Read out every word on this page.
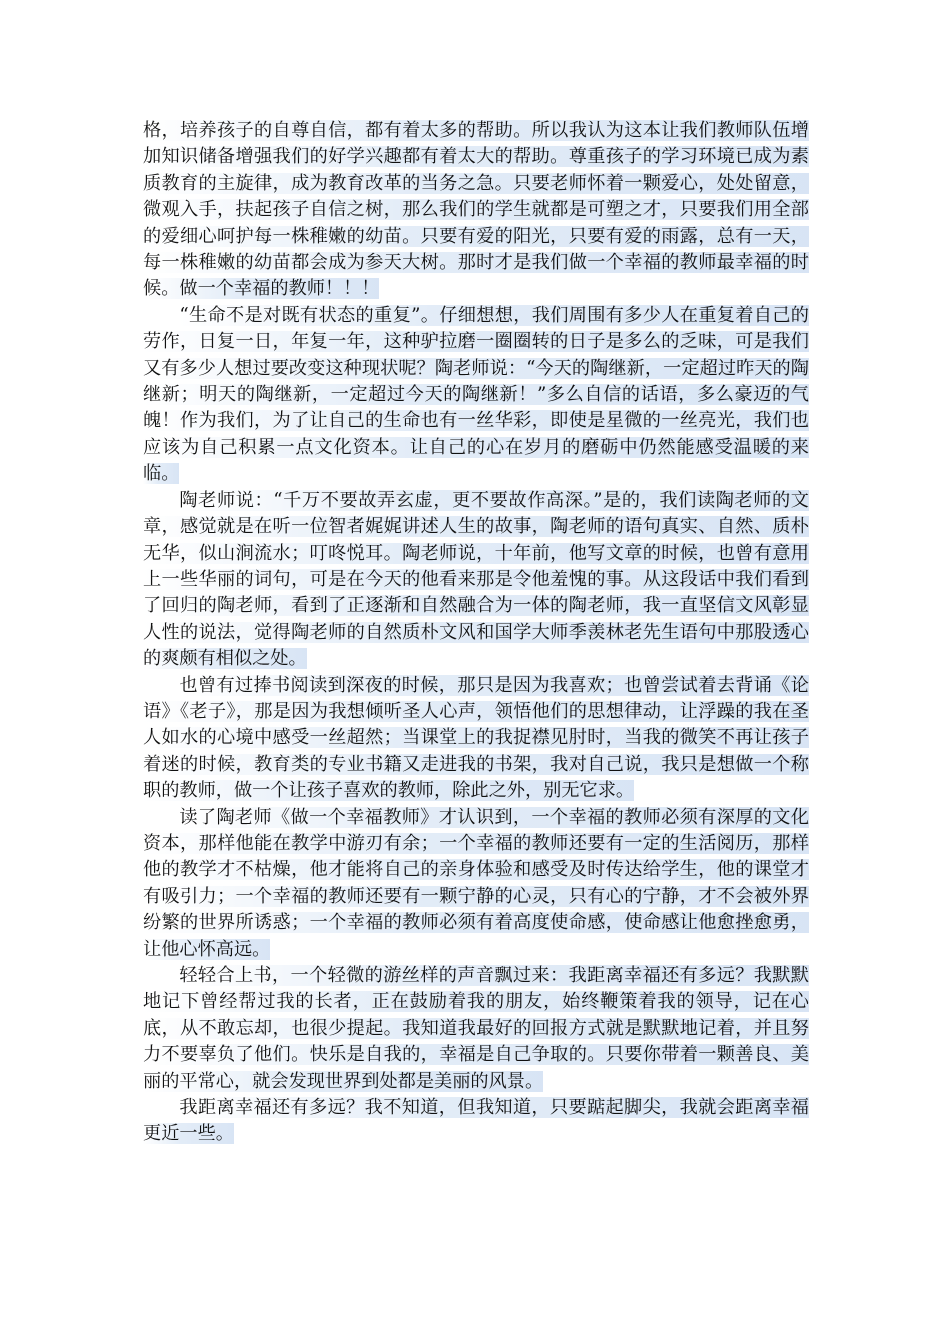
格，培养孩子的自尊自信，都有着太多的帮助。所以我认为这本让我们教师队伍增加知识储备增强我们的好学兴趣都有着太大的帮助。尊重孩子的学习环境已成为素质教育的主旋律，成为教育改革的当务之急。只要老师怀着一颗爱心，处处留意，微观入手，扶起孩子自信之树，那么我们的学生就都是可塑之才，只要我们用全部的爱细心呵护每一株稚嫩的幼苗。只要有爱的阳光，只要有爱的雨露，总有一天，每一株稚嫩的幼苗都会成为参天大树。那时才是我们做一个幸福的教师最幸福的时候。做一个幸福的教师！！！

“生命不是对既有状态的重复”。仔细想想，我们周围有多少人在重复着自己的劳作，日复一日，年复一年，这种驴拉磨一圈圈转的日子是多么的乏味，可是我们又有多少人想过要改变这种现状呢？陶老师说：“今天的陶继新，一定超过昨天的陶继新；明天的陶继新，一定超过今天的陶继新！”多么自信的话语，多么豪迈的气魄！作为我们，为了让自己的生命也有一丝华彩，即使是星微的一丝亮光，我们也应该为自己积累一点文化资本。让自己的心在岁月的磨砺中仍然能感受温暖的来临。

陶老师说：“千万不要故弄玄虚，更不要故作高深。”是的，我们读陶老师的文章，感觉就是在听一位智者娓娓讲述人生的故事，陶老师的语句真实、自然、质朴无华，似山涧流水；叮咚悦耳。陶老师说，十年前，他写文章的时候，也曾有意用上一些华丽的词句，可是在今天的他看来那是令他羞愧的事。从这段话中我们看到了回归的陶老师，看到了正逐渐和自然融合为一体的陶老师，我一直坚信文风彰显人性的说法，觉得陶老师的自然质朴文风和国学大师季羡林老先生语句中那股透心的爽颇有相似之处。

也曾有过捧书阅读到深夜的时候，那只是因为我喜欢；也曾尝试着去背诵《论语》《老子》，那是因为我想倾听圣人心声，领悟他们的思想律动，让浮躁的我在圣人如水的心境中感受一丝超然；当课堂上的我捉襟见肘时，当我的微笑不再让孩子着迷的时候，教育类的专业书籍又走进我的书架，我对自己说，我只是想做一个称职的教师，做一个让孩子喜欢的教师，除此之外，别无它求。

读了陶老师《做一个幸福教师》才认识到，一个幸福的教师必须有深厚的文化资本，那样他能在教学中游刃有余；一个幸福的教师还要有一定的生活阅历，那样他的教学才不枯燥，他才能将自己的亲身体验和感受及时传达给学生，他的课堂才有吸引力；一个幸福的教师还要有一颗宁静的心灵，只有心的宁静，才不会被外界纷繁的世界所诱惑；一个幸福的教师必须有着高度使命感，使命感让他愈挫愈勇，让他心怀高远。

轻轻合上书，一个轻微的游丝样的声音飘过来：我距离幸福还有多远？我默默地记下曾经帮过我的长者，正在鼓励着我的朋友，始终鞭策着我的领导，记在心底，从不敢忘却，也很少提起。我知道我最好的回报方式就是默默地记着，并且努力不要辜负了他们。快乐是自我的，幸福是自己争取的。只要你带着一颗善良、美丽的平常心，就会发现世界到处都是美丽的风景。

我距离幸福还有多远？我不知道，但我知道，只要踮起脚尖，我就会距离幸福更近一些。
